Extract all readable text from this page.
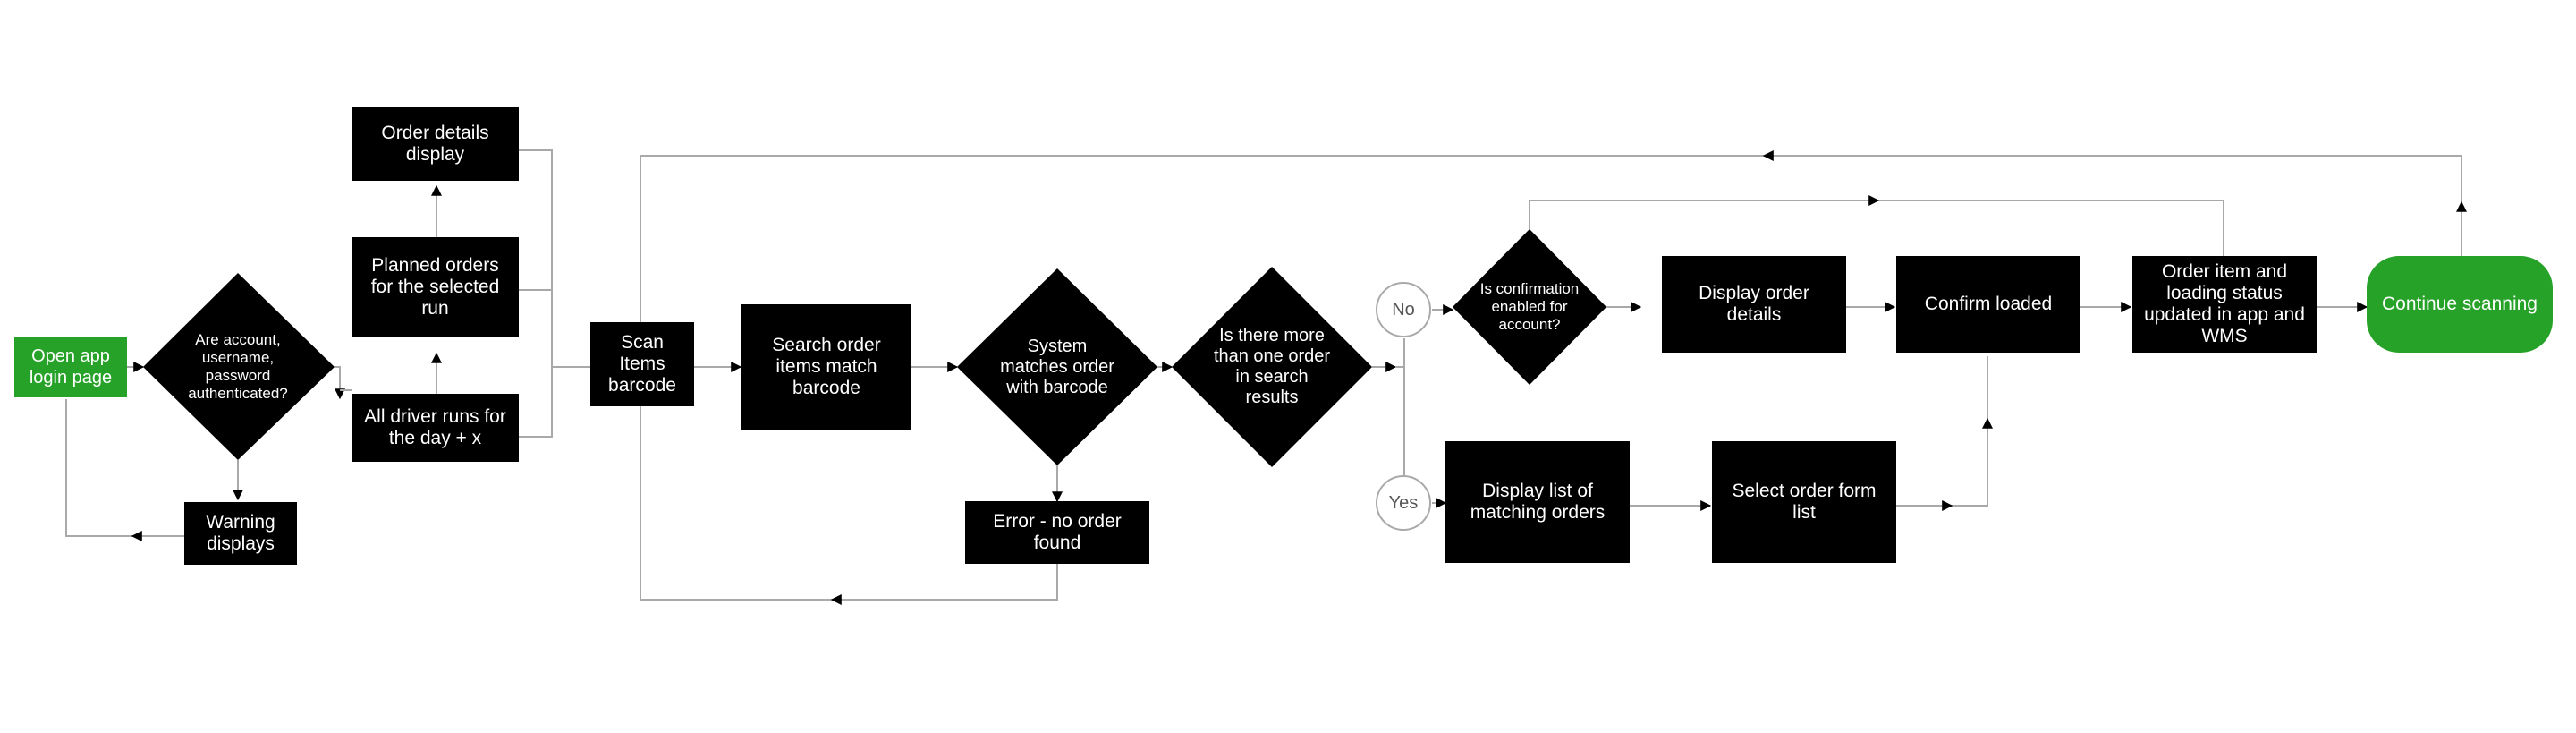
Open app login page
Are account, username, password authenticated?
Warning displays
All driver runs for the day + x
Planned orders for the selected run
Order details display
Scan Items barcode
Search order items match barcode
System matches order with barcode
Error - no order found
Is there more than one order in search results
No
Yes
Is confirmation enabled for account?
Display order details
Confirm loaded
Order item and loading status updated in app and WMS
Continue scanning
Display list of matching orders
Select order form list
